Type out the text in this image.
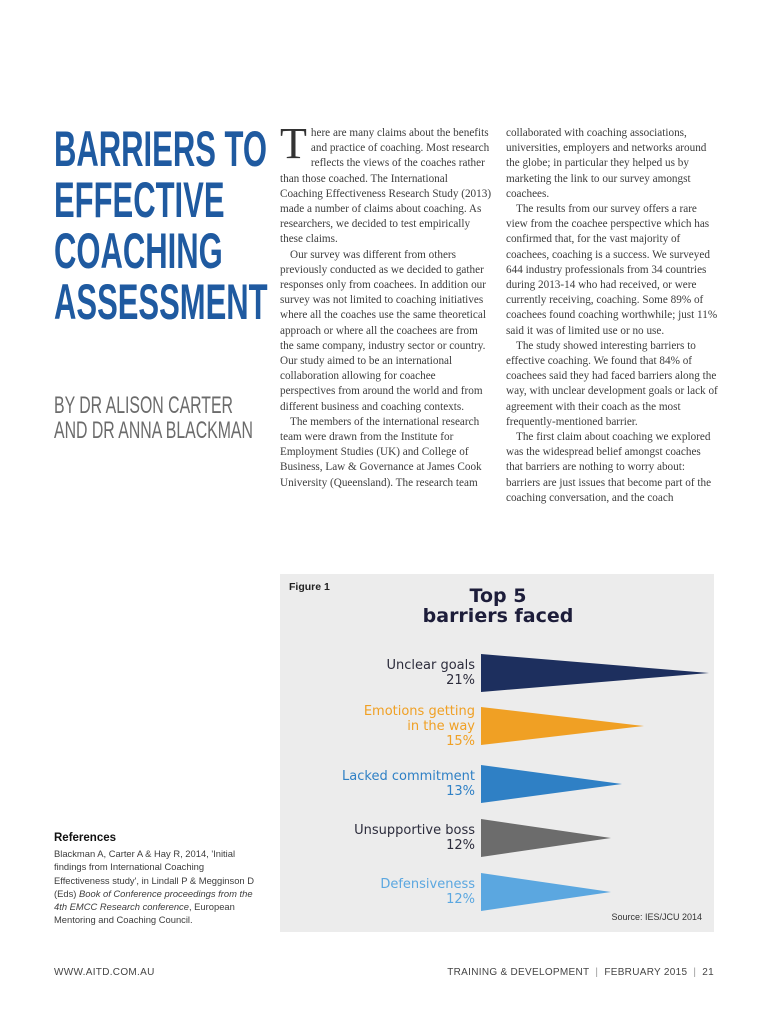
BARRIERS TO
EFFECTIVE
COACHING
ASSESSMENT
BY DR ALISON CARTER
AND DR ANNA BLACKMAN

There are many claims about the benefits and practice of coaching. Most research reflects the views of the coaches rather than those coached. The International Coaching Effectiveness Research Study (2013) made a number of claims about coaching. As researchers, we decided to test empirically these claims.

Our survey was different from others previously conducted as we decided to gather responses only from coachees. In addition our survey was not limited to coaching initiatives where all the coaches use the same theoretical approach or where all the coachees are from the same company, industry sector or country. Our study aimed to be an international collaboration allowing for coachee perspectives from around the world and from different business and coaching contexts.

The members of the international research team were drawn from the Institute for Employment Studies (UK) and College of Business, Law & Governance at James Cook University (Queensland). The research team

collaborated with coaching associations, universities, employers and networks around the globe; in particular they helped us by marketing the link to our survey amongst coachees.

The results from our survey offers a rare view from the coachee perspective which has confirmed that, for the vast majority of coachees, coaching is a success. We surveyed 644 industry professionals from 34 countries during 2013-14 who had received, or were currently receiving, coaching. Some 89% of coachees found coaching worthwhile; just 11% said it was of limited use or no use.

The study showed interesting barriers to effective coaching. We found that 84% of coachees said they had faced barriers along the way, with unclear development goals or lack of agreement with their coach as the most frequently-mentioned barrier.

The first claim about coaching we explored was the widespread belief amongst coaches that barriers are nothing to worry about: barriers are just issues that become part of the coaching conversation, and the coach

Figure 1	Top 5
barriers faced
Source: IES/JCU 2014
Unclear goals
21%
Emotions getting
in the way
15%
Lacked commitment
13%
Unsupportive boss
12%
Defensiveness
12%
References
Blackman A, Carter A & Hay R, 2014, 'Initial findings from International Coaching Effectiveness study', in Lindall P & Megginson D (Eds) Book of Conference proceedings from the 4th EMCC Research conference, European Mentoring and Coaching Council.
WWW.AITD.COM.AU	TRAINING & DEVELOPMENT | FEBRUARY 2015 | 21
